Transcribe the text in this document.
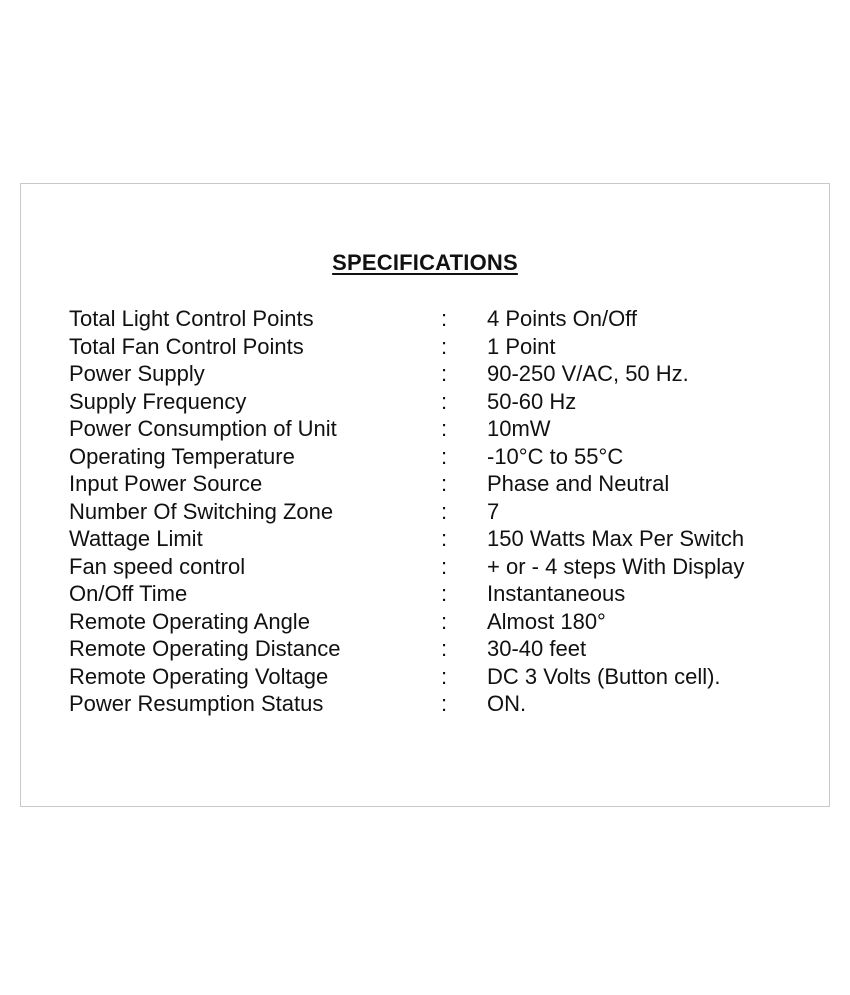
SPECIFICATIONS
Total Light Control Points	: 4 Points On/Off
Total Fan Control Points	: 1 Point
Power Supply	: 90-250 V/AC, 50 Hz.
Supply Frequency	: 50-60 Hz
Power Consumption of Unit	: 10mW
Operating Temperature	: -10°C to 55°C
Input Power Source	: Phase and Neutral
Number Of Switching Zone	: 7
Wattage Limit	: 150 Watts Max Per Switch
Fan speed control	: + or - 4 steps With Display
On/Off Time	: Instantaneous
Remote Operating Angle	: Almost 180°
Remote Operating Distance	: 30-40 feet
Remote Operating Voltage	: DC 3 Volts (Button cell).
Power Resumption Status	: ON.
